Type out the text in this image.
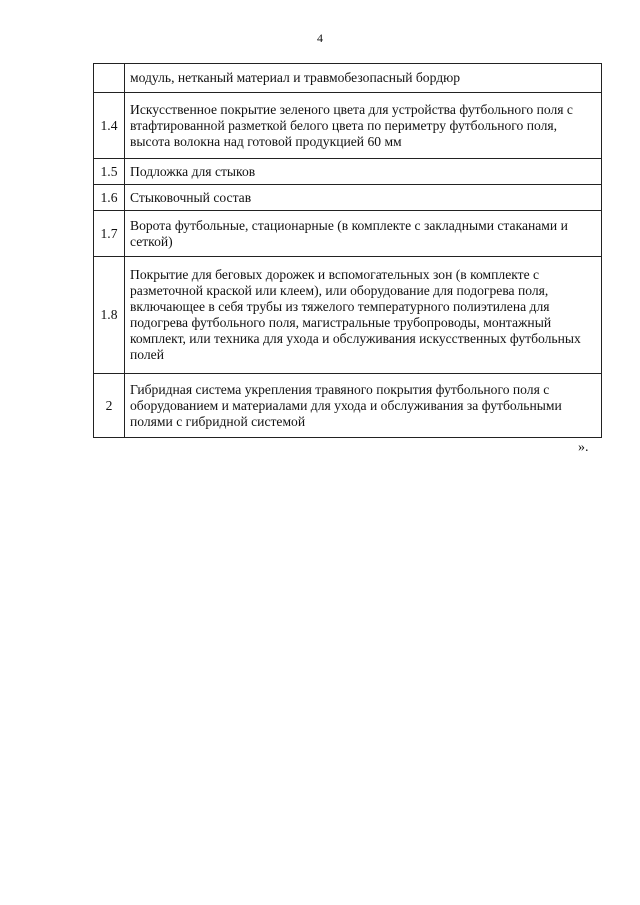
4
	модуль, нетканый материал и травмобезопасный бордюр
1.4	Искусственное покрытие зеленого цвета для устройства футбольного поля с втафтированной разметкой белого цвета по периметру футбольного поля, высота волокна над готовой продукцией 60 мм
1.5	Подложка для стыков
1.6	Стыковочный состав
1.7	Ворота футбольные, стационарные (в комплекте с закладными стаканами и сеткой)
1.8	Покрытие для беговых дорожек и вспомогательных зон (в комплекте с разметочной краской или клеем), или оборудование для подогрева поля, включающее в себя трубы из тяжелого температурного полиэтилена для подогрева футбольного поля, магистральные трубопроводы, монтажный комплект, или техника для ухода и обслуживания искусственных футбольных полей
2	Гибридная система укрепления травяного покрытия футбольного поля с оборудованием и материалами для ухода и обслуживания за футбольными полями с гибридной системой
».
